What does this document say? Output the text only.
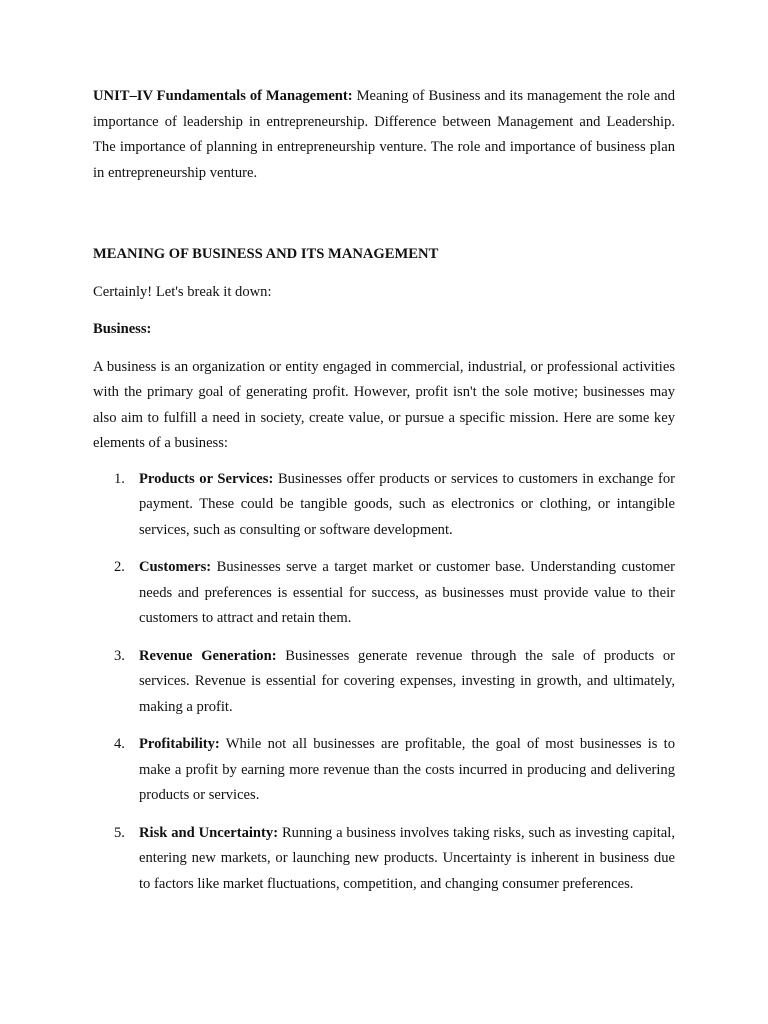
UNIT–IV Fundamentals of Management: Meaning of Business and its management the role and importance of leadership in entrepreneurship. Difference between Management and Leadership. The importance of planning in entrepreneurship venture. The role and importance of business plan in entrepreneurship venture.

MEANING OF BUSINESS AND ITS MANAGEMENT

Certainly! Let's break it down:

Business:

A business is an organization or entity engaged in commercial, industrial, or professional activities with the primary goal of generating profit. However, profit isn't the sole motive; businesses may also aim to fulfill a need in society, create value, or pursue a specific mission. Here are some key elements of a business:

1. Products or Services: Businesses offer products or services to customers in exchange for payment. These could be tangible goods, such as electronics or clothing, or intangible services, such as consulting or software development.
2. Customers: Businesses serve a target market or customer base. Understanding customer needs and preferences is essential for success, as businesses must provide value to their customers to attract and retain them.
3. Revenue Generation: Businesses generate revenue through the sale of products or services. Revenue is essential for covering expenses, investing in growth, and ultimately, making a profit.
4. Profitability: While not all businesses are profitable, the goal of most businesses is to make a profit by earning more revenue than the costs incurred in producing and delivering products or services.
5. Risk and Uncertainty: Running a business involves taking risks, such as investing capital, entering new markets, or launching new products. Uncertainty is inherent in business due to factors like market fluctuations, competition, and changing consumer preferences.
